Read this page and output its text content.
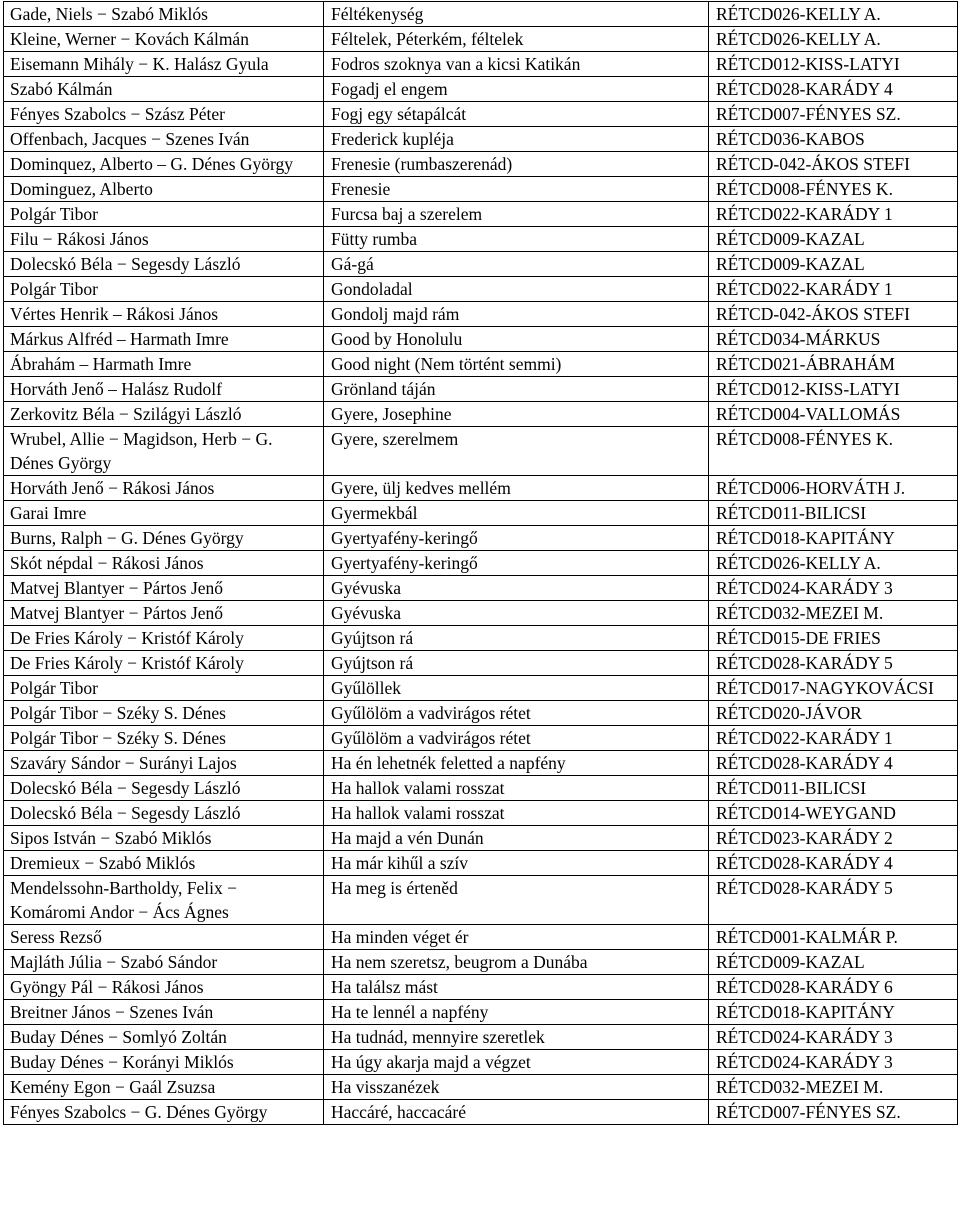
Gade, Niels − Szabó Miklós	Féltékenység	RÉTCD026-KELLY A.
Kleine, Werner − Kovách Kálmán	Féltelek, Péterkém, féltelek	RÉTCD026-KELLY A.
Eisemann Mihály − K. Halász Gyula	Fodros szoknya van a kicsi Katikán	RÉTCD012-KISS-LATYI
Szabó Kálmán	Fogadj el engem	RÉTCD028-KARÁDY 4
Fényes Szabolcs − Szász Péter	Fogj egy sétapálcát	RÉTCD007-FÉNYES SZ.
Offenbach, Jacques − Szenes Iván	Frederick kupléja	RÉTCD036-KABOS
Dominquez, Alberto – G. Dénes György	Frenesie (rumbaszerenád)	RÉTCD-042-ÁKOS STEFI
Dominguez, Alberto	Frenesie	RÉTCD008-FÉNYES K.
Polgár Tibor	Furcsa baj a szerelem	RÉTCD022-KARÁDY 1
Filu − Rákosi János	Fütty rumba	RÉTCD009-KAZAL
Dolecskó Béla − Segesdy László	Gá-gá	RÉTCD009-KAZAL
Polgár Tibor	Gondoladal	RÉTCD022-KARÁDY 1
Vértes Henrik – Rákosi János	Gondolj majd rám	RÉTCD-042-ÁKOS STEFI
Márkus Alfréd – Harmath Imre	Good by Honolulu	RÉTCD034-MÁRKUS
Ábrahám – Harmath Imre	Good night (Nem történt semmi)	RÉTCD021-ÁBRAHÁM
Horváth Jenő – Halász Rudolf	Grönland táján	RÉTCD012-KISS-LATYI
Zerkovitz Béla − Szilágyi László	Gyere, Josephine	RÉTCD004-VALLOMÁS
Wrubel, Allie − Magidson, Herb − G. Dénes György	Gyere, szerelmem	RÉTCD008-FÉNYES K.
Horváth Jenő − Rákosi János	Gyere, ülj kedves mellém	RÉTCD006-HORVÁTH J.
Garai Imre	Gyermekbál	RÉTCD011-BILICSI
Burns, Ralph − G. Dénes György	Gyertyafény-keringő	RÉTCD018-KAPITÁNY
Skót népdal − Rákosi János	Gyertyafény-keringő	RÉTCD026-KELLY A.
Matvej Blantyer − Pártos Jenő	Gyévuska	RÉTCD024-KARÁDY 3
Matvej Blantyer − Pártos Jenő	Gyévuska	RÉTCD032-MEZEI M.
De Fries Károly − Kristóf Károly	Gyújtson rá	RÉTCD015-DE FRIES
De Fries Károly − Kristóf Károly	Gyújtson rá	RÉTCD028-KARÁDY 5
Polgár Tibor	Gyűlöllek	RÉTCD017-NAGYKOVÁCSI
Polgár Tibor − Széky S. Dénes	Gyűlölöm a vadvirágos rétet	RÉTCD020-JÁVOR
Polgár Tibor − Széky S. Dénes	Gyűlölöm a vadvirágos rétet	RÉTCD022-KARÁDY 1
Szaváry Sándor − Surányi Lajos	Ha én lehetnék feletted a napfény	RÉTCD028-KARÁDY 4
Dolecskó Béla − Segesdy László	Ha hallok valami rosszat	RÉTCD011-BILICSI
Dolecskó Béla − Segesdy László	Ha hallok valami rosszat	RÉTCD014-WEYGAND
Sipos István − Szabó Miklós	Ha majd a vén Dunán	RÉTCD023-KARÁDY 2
Dremieux − Szabó Miklós	Ha már kihűl a szív	RÉTCD028-KARÁDY 4
Mendelssohn-Bartholdy, Felix − Komáromi Andor − Ács Ágnes	Ha meg is érteněd	RÉTCD028-KARÁDY 5
Seress Rezső	Ha minden véget ér	RÉTCD001-KALMÁR P.
Majláth Júlia − Szabó Sándor	Ha nem szeretsz, beugrom a Dunába	RÉTCD009-KAZAL
Gyöngy Pál − Rákosi János	Ha találsz mást	RÉTCD028-KARÁDY 6
Breitner János − Szenes Iván	Ha te lennél a napfény	RÉTCD018-KAPITÁNY
Buday Dénes − Somlyó Zoltán	Ha tudnád, mennyire szeretlek	RÉTCD024-KARÁDY 3
Buday Dénes − Korányi Miklós	Ha úgy akarja majd a végzet	RÉTCD024-KARÁDY 3
Kemény Egon − Gaál Zsuzsa	Ha visszanézek	RÉTCD032-MEZEI M.
Fényes Szabolcs − G. Dénes György	Haccáré, haccacáré	RÉTCD007-FÉNYES SZ.
